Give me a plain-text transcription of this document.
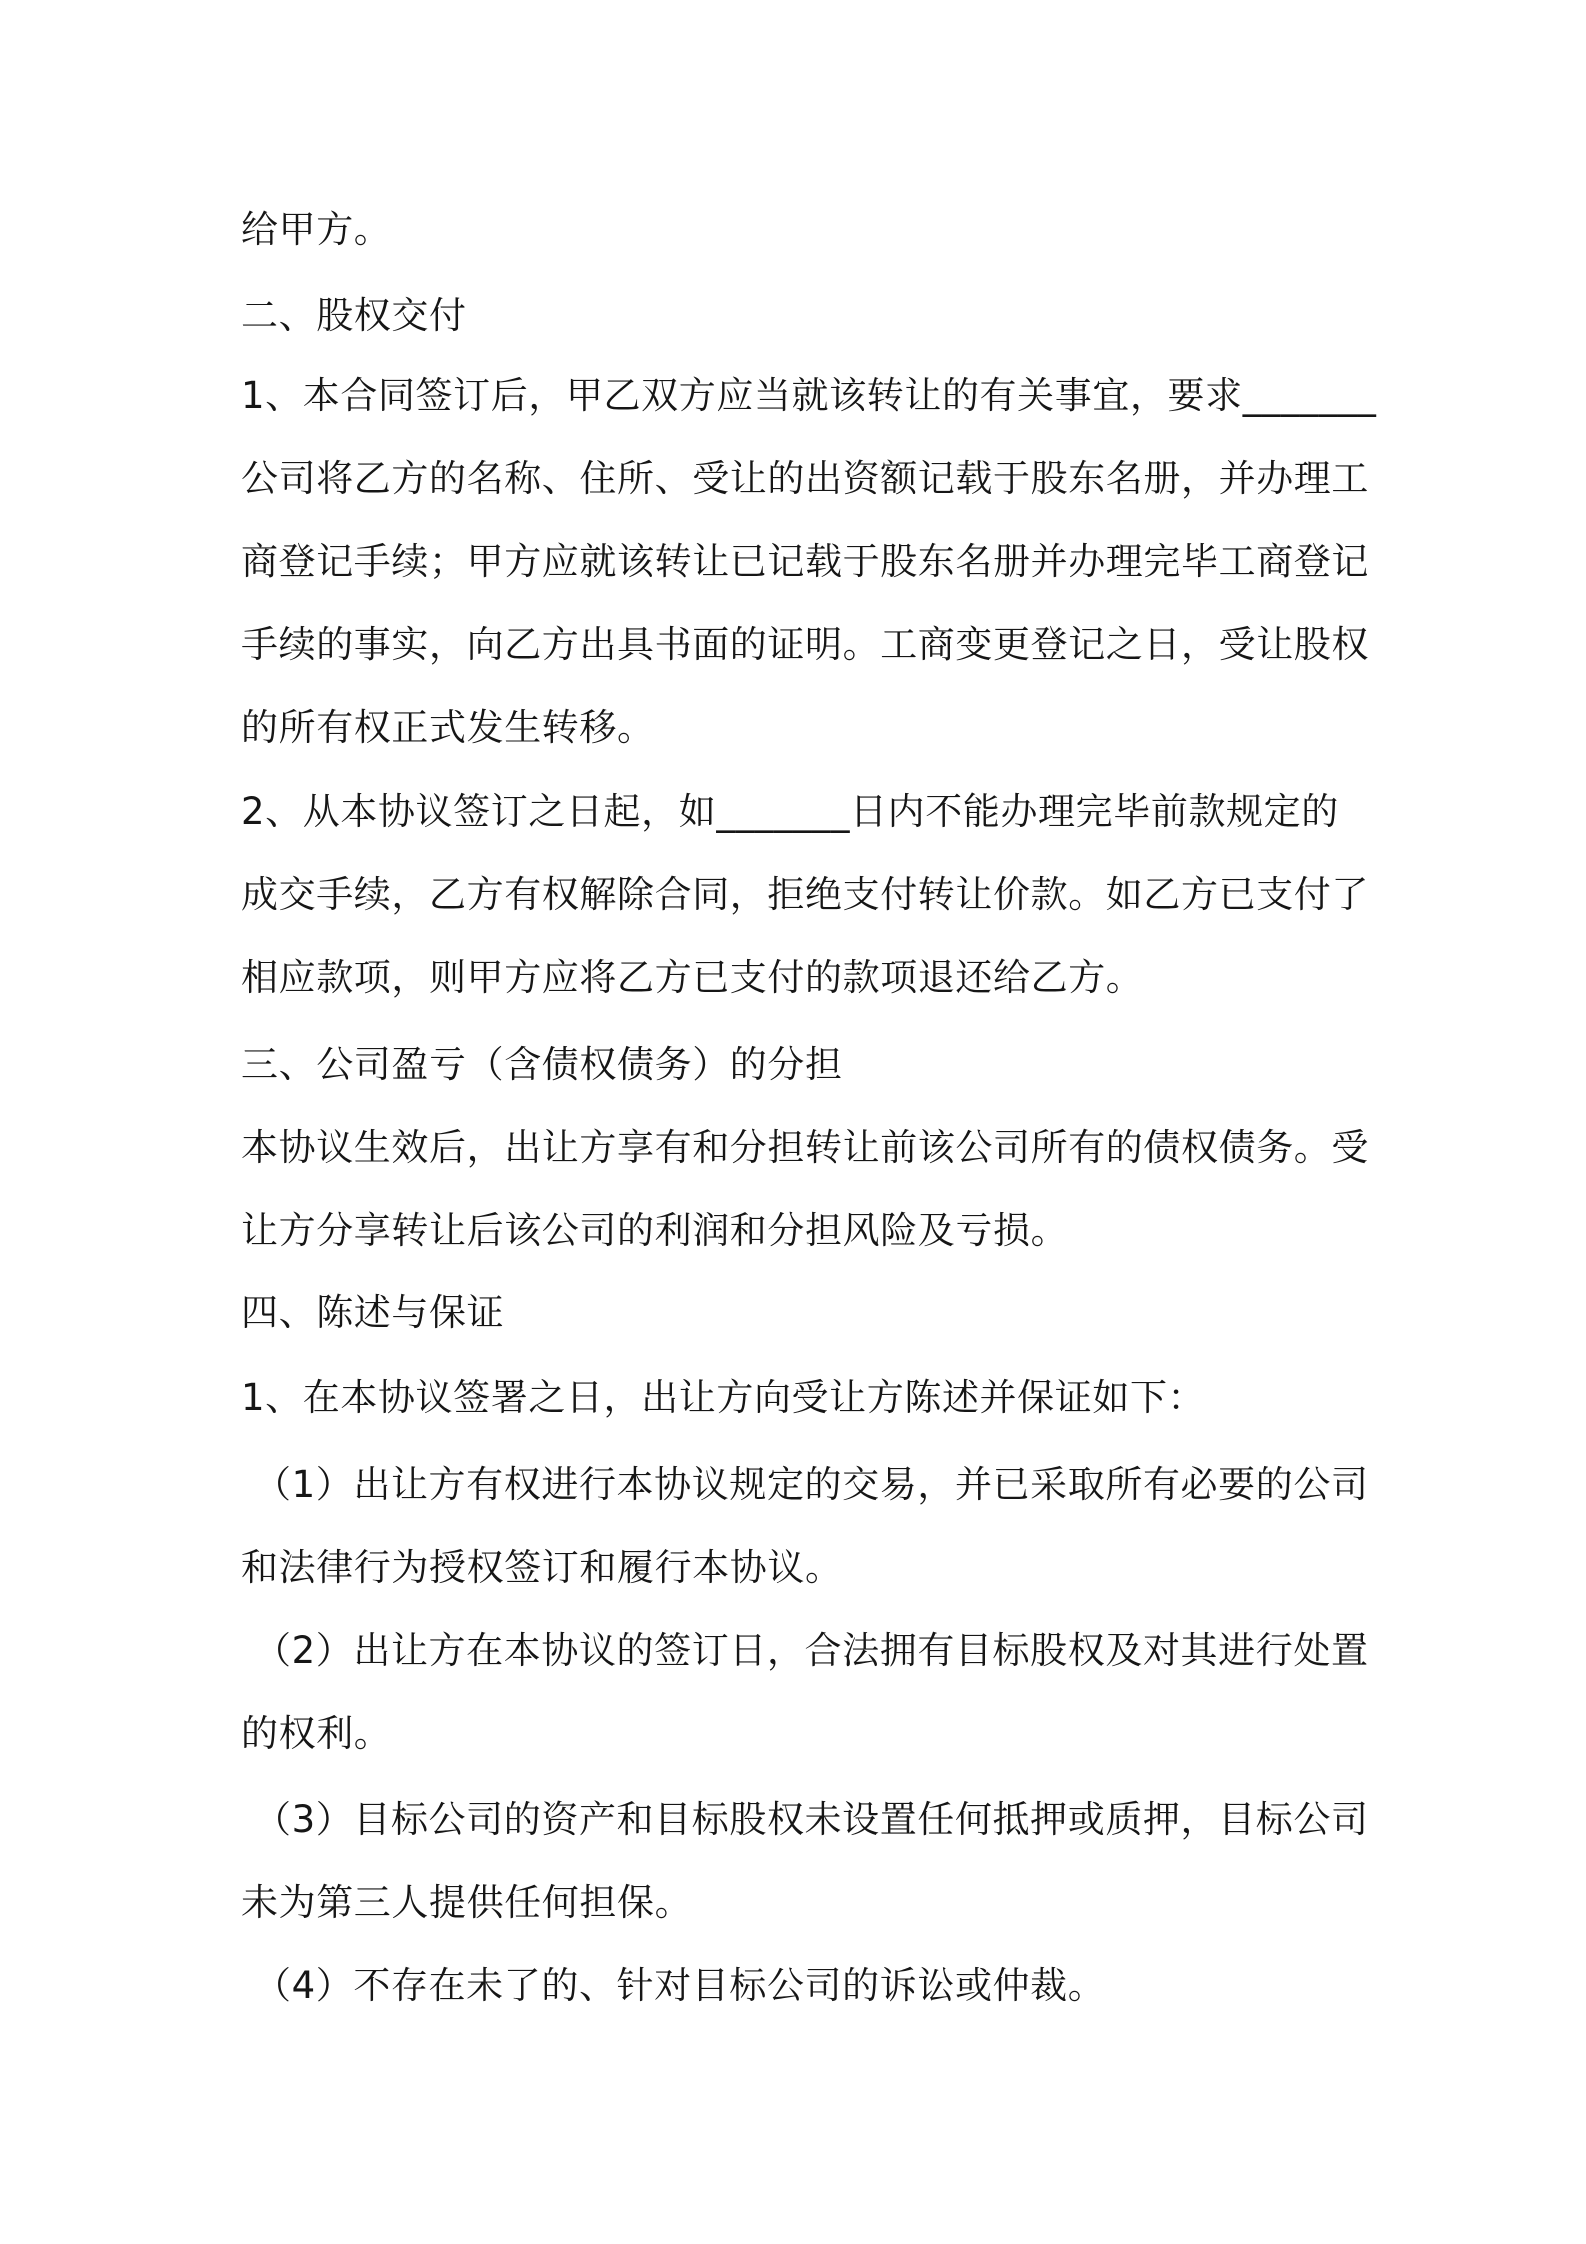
给甲方。

二、股权交付

1、本合同签订后，甲乙双方应当就该转让的有关事宜，要求_______

公司将乙方的名称、住所、受让的出资额记载于股东名册，并办理工

商登记手续；甲方应就该转让已记载于股东名册并办理完毕工商登记

手续的事实，向乙方出具书面的证明。工商变更登记之日，受让股权

的所有权正式发生转移。

2、从本协议签订之日起，如_______日内不能办理完毕前款规定的

成交手续，乙方有权解除合同，拒绝支付转让价款。如乙方已支付了

相应款项，则甲方应将乙方已支付的款项退还给乙方。

三、公司盈亏（含债权债务）的分担

本协议生效后，出让方享有和分担转让前该公司所有的债权债务。受

让方分享转让后该公司的利润和分担风险及亏损。

四、陈述与保证

1、在本协议签署之日，出让方向受让方陈述并保证如下：

（1）出让方有权进行本协议规定的交易，并已采取所有必要的公司

和法律行为授权签订和履行本协议。

（2）出让方在本协议的签订日，合法拥有目标股权及对其进行处置

的权利。

（3）目标公司的资产和目标股权未设置任何抵押或质押，目标公司

未为第三人提供任何担保。

（4）不存在未了的、针对目标公司的诉讼或仲裁。
